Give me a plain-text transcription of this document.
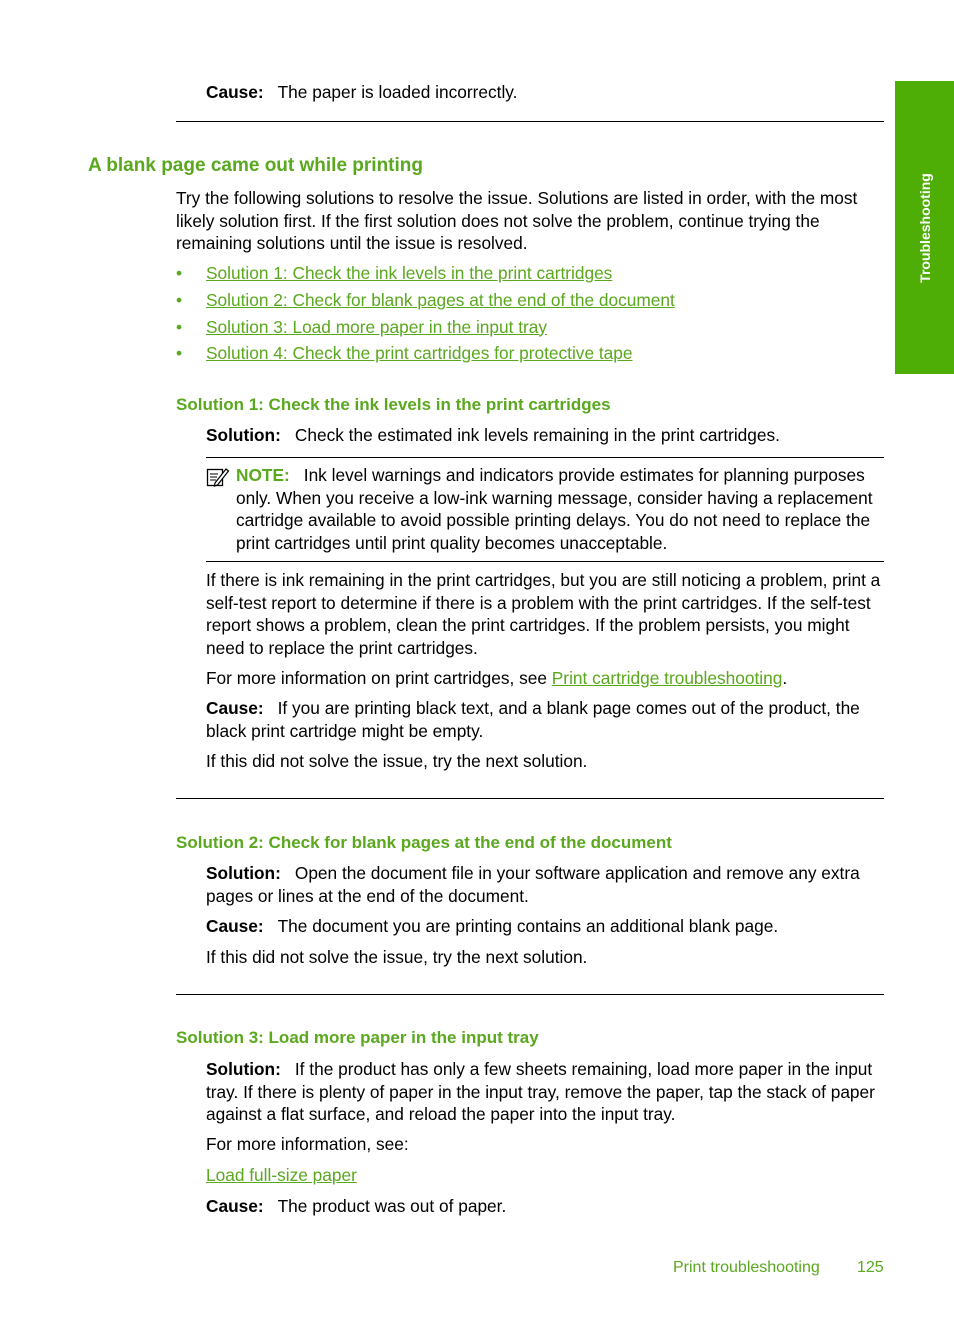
Troubleshooting

Cause: The paper is loaded incorrectly.

A blank page came out while printing

Try the following solutions to resolve the issue. Solutions are listed in order, with the most likely solution first. If the first solution does not solve the problem, continue trying the remaining solutions until the issue is resolved.

• Solution 1: Check the ink levels in the print cartridges
• Solution 2: Check for blank pages at the end of the document
• Solution 3: Load more paper in the input tray
• Solution 4: Check the print cartridges for protective tape
Solution 1: Check the ink levels in the print cartridges

Solution: Check the estimated ink levels remaining in the print cartridges.

NOTE: Ink level warnings and indicators provide estimates for planning purposes only. When you receive a low-ink warning message, consider having a replacement cartridge available to avoid possible printing delays. You do not need to replace the print cartridges until print quality becomes unacceptable.

If there is ink remaining in the print cartridges, but you are still noticing a problem, print a self-test report to determine if there is a problem with the print cartridges. If the self-test report shows a problem, clean the print cartridges. If the problem persists, you might need to replace the print cartridges.

For more information on print cartridges, see Print cartridge troubleshooting.

Cause: If you are printing black text, and a blank page comes out of the product, the black print cartridge might be empty.

If this did not solve the issue, try the next solution.

Solution 2: Check for blank pages at the end of the document

Solution: Open the document file in your software application and remove any extra pages or lines at the end of the document.

Cause: The document you are printing contains an additional blank page.

If this did not solve the issue, try the next solution.

Solution 3: Load more paper in the input tray

Solution: If the product has only a few sheets remaining, load more paper in the input tray. If there is plenty of paper in the input tray, remove the paper, tap the stack of paper against a flat surface, and reload the paper into the input tray.

For more information, see:

Load full-size paper

Cause: The product was out of paper.

Print troubleshooting 125
